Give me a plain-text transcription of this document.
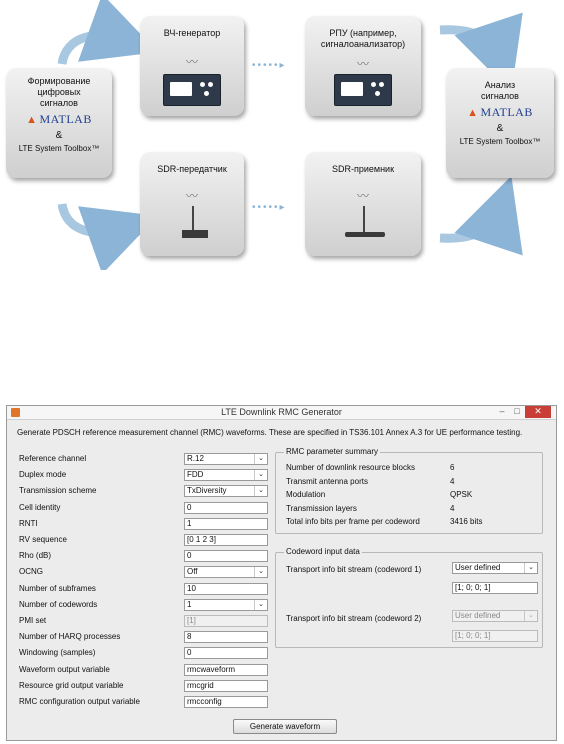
Формирование
цифровых
сигналов
▲ MATLAB
&
LTE System Toolbox™
ВЧ-генератор
〰	•••••▸
РПУ (например, сигналоанализатор)
〰
Анализ
сигналов
▲ MATLAB
&
LTE System Toolbox™
SDR-передатчик
〰
•••••▸
SDR-приемник
〰
LTE Downlink RMC Generator	–	□	✕
Generate PDSCH reference measurement channel (RMC) waveforms. These are specified in TS36.101 Annex A.3 for UE performance testing.
Reference channel	R.12	⌄
Duplex mode	FDD	⌄
Transmission scheme	TxDiversity	⌄
Cell identity	0
RNTI	1
RV sequence	[0 1 2 3]
Rho (dB)	0
OCNG	Off	⌄
Number of subframes	10
Number of codewords	1	⌄
PMI set	[1]
Number of HARQ processes	8
Windowing (samples)	0
Waveform output variable	rmcwaveform
Resource grid output variable	rmcgrid
RMC configuration output variable	rmcconfig
RMC parameter summary
Number of downlink resource blocks	6
Transmit antenna ports	4
Modulation	QPSK
Transmission layers	4
Total info bits per frame per codeword	3416 bits
Codeword input data
Transport info bit stream (codeword 1)	User defined	⌄
[1; 0; 0; 1]
Transport info bit stream (codeword 2)	User defined	⌄
[1; 0; 0; 1]
Generate waveform
